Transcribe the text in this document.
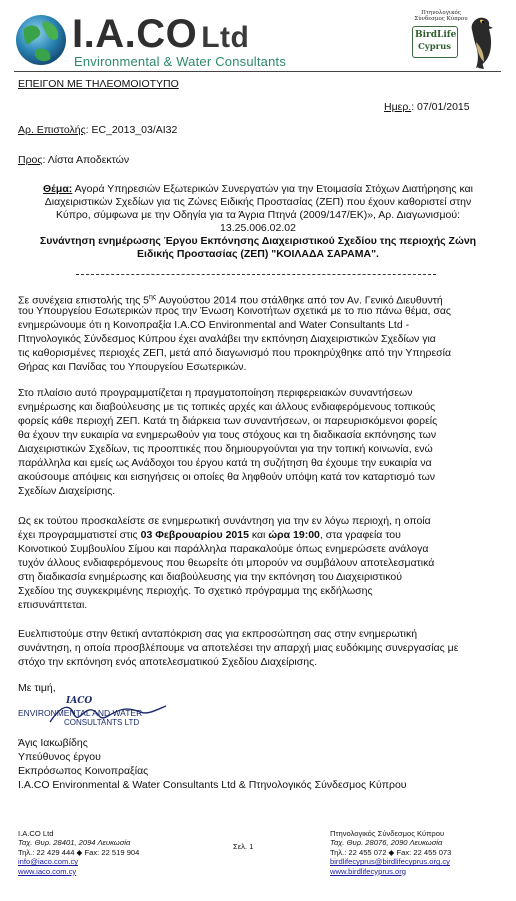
I.A.CO Ltd
Environmental & Water Consultants
Πτηνολογικός Σύνδεσμος Κύπρου
BirdLife
Cyprus
ΕΠΕΙΓΟΝ ΜΕ ΤΗΛΕΟΜΟΙΟΤΥΠΟ
Ημερ.: 07/01/2015
Αρ. Επιστολής: EC_2013_03/AI32
Προς: Λίστα Αποδεκτών
Θέμα: Αγορά Υπηρεσιών Εξωτερικών Συνεργατών για την Ετοιμασία Στόχων Διατήρησης και
Διαχειριστικών Σχεδίων για τις Ζώνες Ειδικής Προστασίας (ΖΕΠ) που έχουν καθοριστεί στην
Κύπρο, σύμφωνα με την Οδηγία για τα Άγρια Πτηνά (2009/147/ΕΚ)», Αρ. Διαγωνισμού:
13.25.006.02.02
Συνάντηση ενημέρωσης Έργου Εκπόνησης Διαχειριστικού Σχεδίου της περιοχής Ζώνη
Ειδικής Προστασίας (ΖΕΠ) "ΚΟΙΛΑΔΑ ΣΑΡΑΜΑ".
Σε συνέχεια επιστολής της $5^{\eta\varsigma}$ Αυγούστου 2014 που στάλθηκε από τον Αν. Γενικό Διευθυντή
του Υπουργείου Εσωτερικών προς την Ένωση Κοινοτήτων σχετικά με το πιο πάνω θέμα, σας
ενημερώνουμε ότι η Κοινοπραξία I.A.CO Environmental and Water Consultants Ltd -
Πτηνολογικός Σύνδεσμος Κύπρου έχει αναλάβει την εκπόνηση Διαχειριστικών Σχεδίων για
τις καθορισμένες περιοχές ΖΕΠ, μετά από διαγωνισμό που προκηρύχθηκε από την Υπηρεσία
Θήρας και Πανίδας του Υπουργείου Εσωτερικών.
Στο πλαίσιο αυτό προγραμματίζεται η πραγματοποίηση περιφερειακών συναντήσεων
ενημέρωσης και διαβούλευσης με τις τοπικές αρχές και άλλους ενδιαφερόμενους τοπικούς
φορείς κάθε περιοχή ΖΕΠ. Κατά τη διάρκεια των συναντήσεων, οι παρευρισκόμενοι φορείς
θα έχουν την ευκαιρία να ενημερωθούν για τους στόχους και τη διαδικασία εκπόνησης των
Διαχειριστικών Σχεδίων, τις προοπτικές που δημιουργούνται για την τοπική κοινωνία, ενώ
παράλληλα και εμείς ως Ανάδοχοι του έργου κατά τη συζήτηση θα έχουμε την ευκαιρία να
ακούσουμε απόψεις και εισηγήσεις οι οποίες θα ληφθούν υπόψη κατά τον καταρτισμό των
Σχεδίων Διαχείρισης.
Ως εκ τούτου προσκαλείστε σε ενημερωτική συνάντηση για την εν λόγω περιοχή, η οποία
έχει προγραμματιστεί στις 03 Φεβρουαρίου 2015 και ώρα 19:00, στα γραφεία του
Κοινοτικού Συμβουλίου Σίμου και παράλληλα παρακαλούμε όπως ενημερώσετε ανάλογα
τυχόν άλλους ενδιαφερόμενους που θεωρείτε ότι μπορούν να συμβάλουν αποτελεσματικά
στη διαδικασία ενημέρωσης και διαβούλευσης για την εκπόνηση του Διαχειριστικού
Σχεδίου της συγκεκριμένης περιοχής. Το σχετικό πρόγραμμα της εκδήλωσης
επισυνάπτεται.
Ευελπιστούμε στην θετική ανταπόκριση σας για εκπροσώπηση σας στην ενημερωτική
συνάντηση, η οποία προσβλέπουμε να αποτελέσει την απαρχή μιας ευδόκιμης συνεργασίας με
στόχο την εκπόνηση ενός αποτελεσματικού Σχεδίου Διαχείρισης.
Με τιμή,
IACO
ENVIRONMENTAL AND WATER
CONSULTANTS LTD
Άγις Ιακωβίδης
Υπεύθυνος έργου
Εκπρόσωπος Κοινοπραξίας
I.A.CO Environmental & Water Consultants Ltd & Πτηνολογικός Σύνδεσμος Κύπρου
I.A.CO Ltd
Ταχ. Θυρ. 28401, 2094 Λευκωσία
Τηλ.: 22 429 444 ◆ Fax: 22 519 904
info@iaco.com.cy
www.iaco.com.cy
Σελ. 1
Πτηνολογικός Σύνδεσμος Κύπρου
Ταχ. Θυρ. 28076, 2090 Λευκωσία
Τηλ.: 22 455 072 ◆ Fax: 22 455 073
birdlifecyprus@birdlifecyprus.org.cy
www.birdlifecyprus.org
